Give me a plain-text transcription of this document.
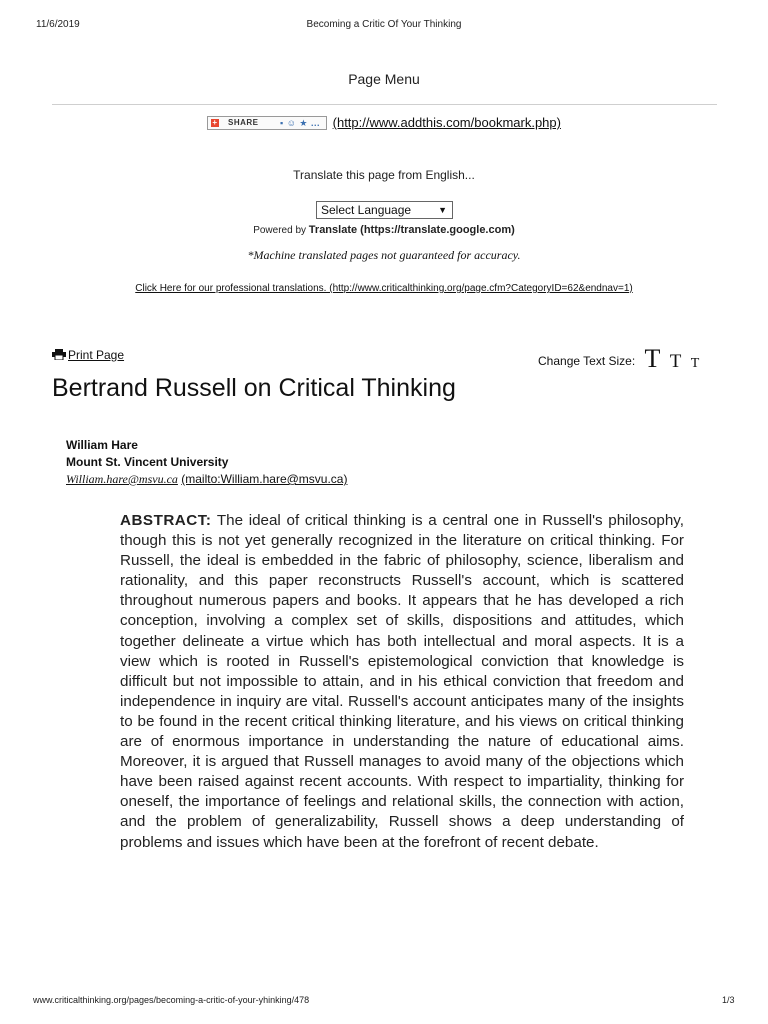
11/6/2019	Becoming a Critic Of Your Thinking
Page Menu
+ SHARE ▪ ☺ ★ ... (http://www.addthis.com/bookmark.php)
Translate this page from English...
Select Language	▼
Powered by Translate (https://translate.google.com)
*Machine translated pages not guaranteed for accuracy.
Click Here for our professional translations. (http://www.criticalthinking.org/page.cfm?CategoryID=62&endnav=1)
Print Page	Change Text Size: T T T
Bertrand Russell on Critical Thinking
William Hare
Mount St. Vincent University
William.hare@msvu.ca (mailto:William.hare@msvu.ca)

ABSTRACT: The ideal of critical thinking is a central one in Russell's philosophy, though this is not yet generally recognized in the literature on critical thinking. For Russell, the ideal is embedded in the fabric of philosophy, science, liberalism and rationality, and this paper reconstructs Russell's account, which is scattered throughout numerous papers and books. It appears that he has developed a rich conception, involving a complex set of skills, dispositions and attitudes, which together delineate a virtue which has both intellectual and moral aspects. It is a view which is rooted in Russell's epistemological conviction that knowledge is difficult but not impossible to attain, and in his ethical conviction that freedom and independence in inquiry are vital. Russell's account anticipates many of the insights to be found in the recent critical thinking literature, and his views on critical thinking are of enormous importance in understanding the nature of educational aims. Moreover, it is argued that Russell manages to avoid many of the objections which have been raised against recent accounts. With respect to impartiality, thinking for oneself, the importance of feelings and relational skills, the connection with action, and the problem of generalizability, Russell shows a deep understanding of problems and issues which have been at the forefront of recent debate.

www.criticalthinking.org/pages/becoming-a-critic-of-your-yhinking/478	1/3
